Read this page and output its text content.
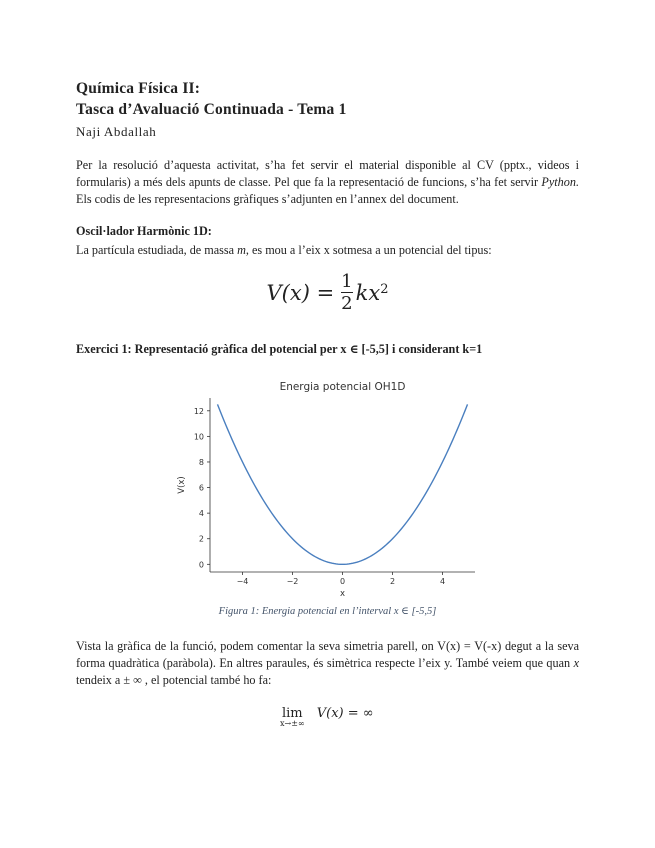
Química Física II:
Tasca d’Avaluació Continuada - Tema 1
Naji Abdallah
Per la resolució d’aquesta activitat, s’ha fet servir el material disponible al CV (pptx., videos i formularis) a més dels apunts de classe. Pel que fa la representació de funcions, s’ha fet servir Python. Els codis de les representacions gràfiques s’adjunten en l’annex del document.
Oscil·lador Harmònic 1D:
La partícula estudiada, de massa m, es mou a l’eix x sotmesa a un potencial del tipus:
$V(x) = \frac{1}{2} kx^2$
Exercici 1: Representació gràfica del potencial per x ∈ [-5,5] i considerant k=1
Energia potencial OH1D
−4	−2	0	2	4
0
2
4
6
8
10
12
x
V(x)
Figura 1: Energia potencial en l’interval x ∈ [-5,5]
Vista la gràfica de la funció, podem comentar la seva simetria parell, on V(x) = V(-x) degut a la seva forma quadràtica (paràbola). En altres paraules, és simètrica respecte l’eix y. També veiem que quan x tendeix a ± ∞ , el potencial també ho fa:
lim
x→±∞
V(x) = ∞
